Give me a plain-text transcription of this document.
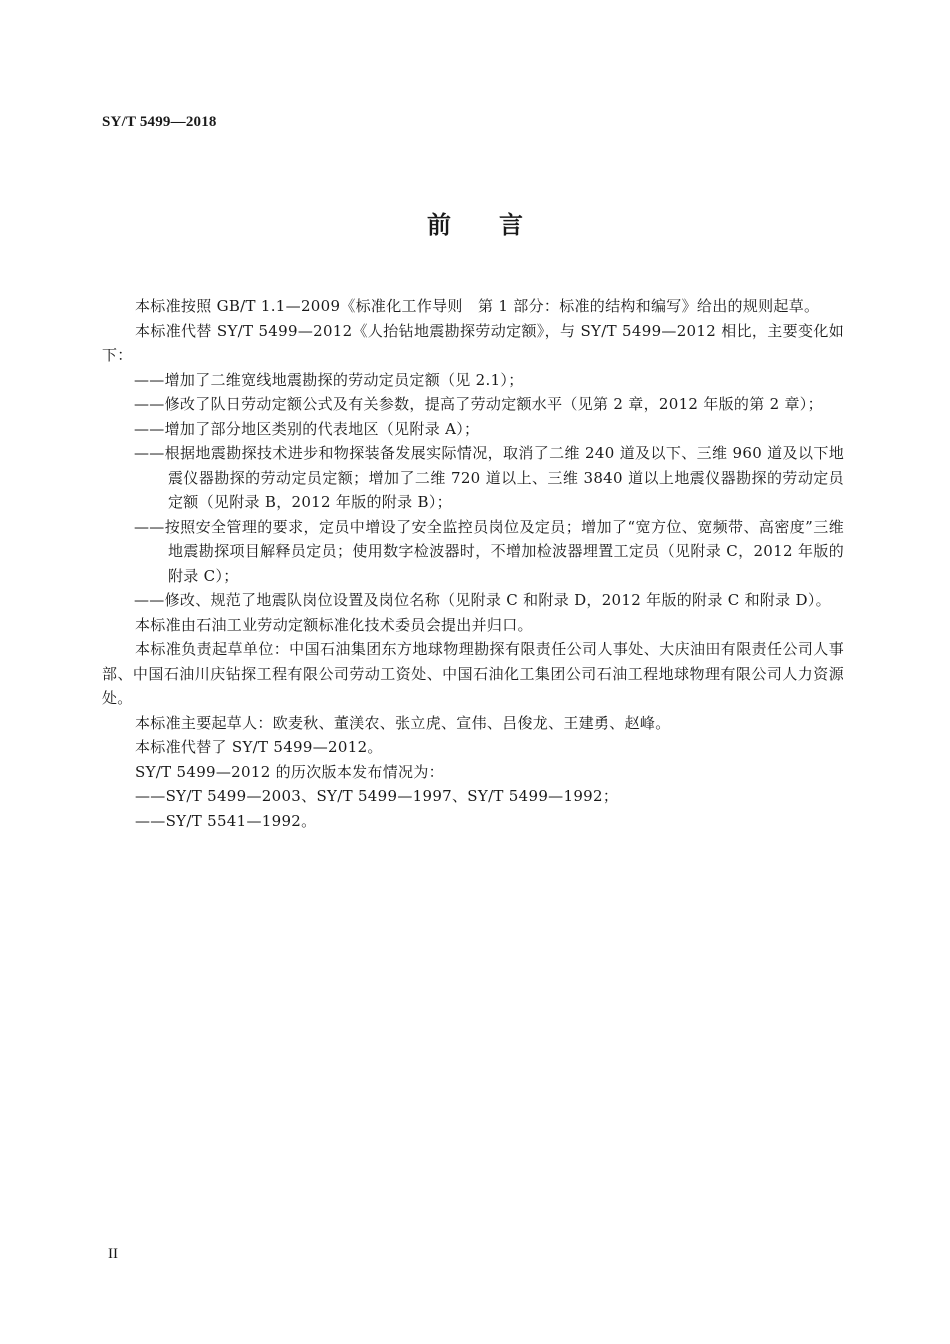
SY/T 5499—2018
前言

本标准按照 GB/T 1.1—2009《标准化工作导则　第 1 部分：标准的结构和编写》给出的规则起草。

本标准代替 SY/T 5499—2012《人抬钻地震勘探劳动定额》，与 SY/T 5499—2012 相比，主要变化如下：

——增加了二维宽线地震勘探的劳动定员定额（见 2.1）；

——修改了队日劳动定额公式及有关参数，提高了劳动定额水平（见第 2 章，2012 年版的第 2 章）；

——增加了部分地区类别的代表地区（见附录 A）；

——根据地震勘探技术进步和物探装备发展实际情况，取消了二维 240 道及以下、三维 960 道及以下地震仪器勘探的劳动定员定额；增加了二维 720 道以上、三维 3840 道以上地震仪器勘探的劳动定员定额（见附录 B，2012 年版的附录 B）；

——按照安全管理的要求，定员中增设了安全监控员岗位及定员；增加了“宽方位、宽频带、高密度”三维地震勘探项目解释员定员；使用数字检波器时，不增加检波器埋置工定员（见附录 C，2012 年版的附录 C）；

——修改、规范了地震队岗位设置及岗位名称（见附录 C 和附录 D，2012 年版的附录 C 和附录 D）。

本标准由石油工业劳动定额标准化技术委员会提出并归口。

本标准负责起草单位：中国石油集团东方地球物理勘探有限责任公司人事处、大庆油田有限责任公司人事部、中国石油川庆钻探工程有限公司劳动工资处、中国石油化工集团公司石油工程地球物理有限公司人力资源处。

本标准主要起草人：欧麦秋、董渼农、张立虎、宣伟、吕俊龙、王建勇、赵峰。

本标准代替了 SY/T 5499—2012。

SY/T 5499—2012 的历次版本发布情况为：

——SY/T 5499—2003、SY/T 5499—1997、SY/T 5499—1992；

——SY/T 5541—1992。

II
